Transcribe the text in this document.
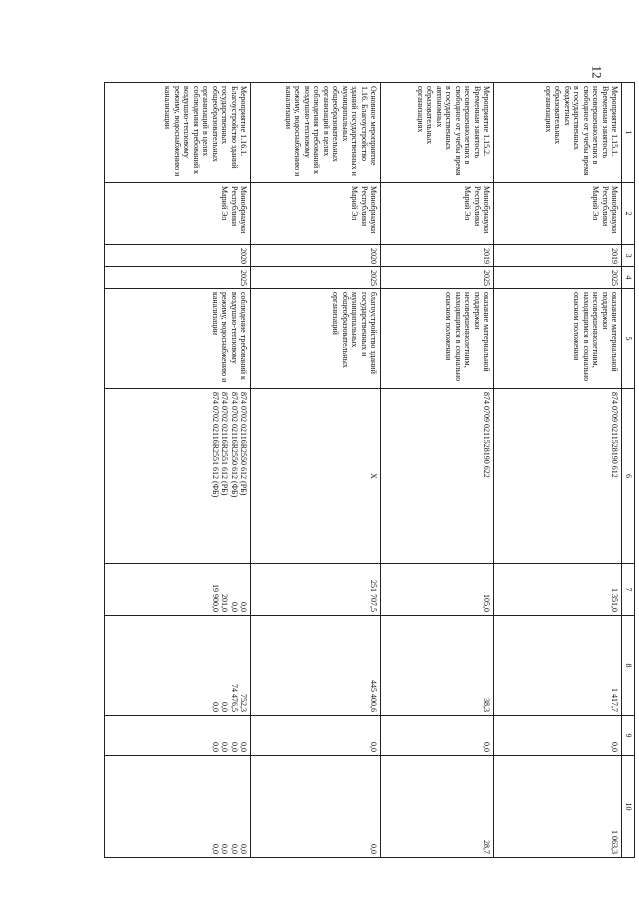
12
1	2	3	4	5	6	7	8	9	10
Мероприятие 1.15.1. Временная занятость несовершеннолетних в свободное от учебы время в государственных бюджетных образовательных организациях	Минобрнауки Республики Марий Эл	2019	2025	оказание материальной поддержки несовершеннолетним, находящимся в социально опасном положении	874 0709 0211528190 612	1 351,0	1 417,7	0,0	1 063,3

Мероприятие 1.15.2. Временная занятость несовершеннолетних в свободное от учебы время в государственных автономных образовательных организациях	Минобрнауки Республики Марий Эл	2019	2025	оказание материальной поддержки несовершеннолетним, находящимся в социально опасном положении	874 0709 0211528190 622	105,0	38,3	0,0	28,7

Основное мероприятие 1.16. Благоустройство зданий государственных и муниципальных общеобразовательных организаций в целях соблюдения требований к воздушно-тепловому режиму, водоснабжению и канализации	Минобрнауки Республики Марий Эл	2020	2025	благоустройство зданий государственных и муниципальных общеобразовательных организаций	X	251 707,5	445 400,6	0,0	0,0

Мероприятие 1.16.1. Благоустройство зданий государственных общеобразовательных организаций в целях соблюдения требований к воздушно-тепловому режиму, водоснабжению и канализации	Минобрнауки Республики Марий Эл	2020	2025	соблюдение требований к воздушно-тепловому режиму, водоснабжению и канализации	874 0702 02116R2550 612 (РБ)
874 0702 02116R2550 612 (ФБ)
874 0702 02116R2551 612 (РБ)
874 0702 02116R2551 612 (ФБ)	0,0
0,0
201,0
19 900,0	752,3
74 476,5
0,0
0,0	0,0
0,0
0,0
0,0	0,0
0,0
0,0
0,0
